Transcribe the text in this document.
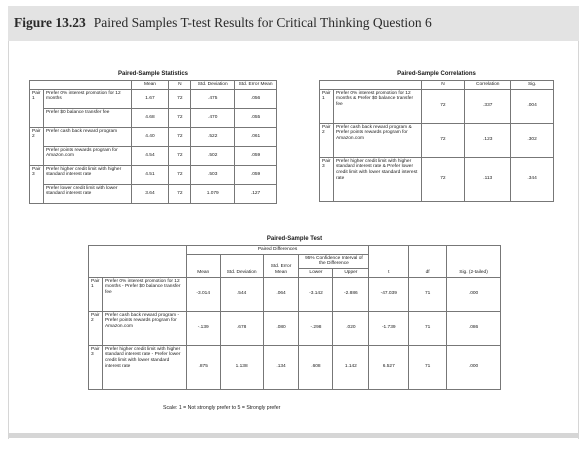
Figure 13.23 Paired Samples T-test Results for Critical Thinking Question 6
Paired-Sample Statistics
		Mean	N	Std. Deviation	Std. Error Mean
Pair 1	Prefer 0% interest promotion for 12 months	1.67	72	.475	.056
	Prefer $0 balance transfer fee	4.68	72	.470	.055
Pair 2	Prefer cash back reward program	4.40	72	.522	.061
	Prefer points rewards program for Amazon.com	4.54	72	.502	.059
Pair 3	Prefer higher credit limit with higher standard interest rate	4.51	72	.503	.059
	Prefer lower credit limit with lower standard interest rate	3.64	72	1.079	.127
Paired-Sample Correlations
		N	Correlation	Sig.
Pair 1	Prefer 0% interest promotion for 12 months & Prefer $0 balance transfer fee	72	.337	.004
Pair 2	Prefer cash back reward program & Prefer points rewards program for Amazon.com	72	.123	.302
Pair 3	Prefer higher credit limit with higher standard interest rate & Prefer lower credit limit with lower standard interest rate	72	.113	.344
Paired-Sample Test
		Paired Differences					t	df	Sig. (2-tailed)
		Mean	Std. Deviation	Std. Error Mean	95% Confidence Interval of the Difference				
					Lower	Upper			
Pair 1	Prefer 0% interest promotion for 12 months - Prefer $0 balance transfer fee	-3.014	.544	.064	-3.142	-2.886	-47.039	71	.000
Pair 2	Prefer cash back reward program - Prefer points rewards program for Amazon.com	-.139	.678	.080	-.298	.020	-1.739	71	.086
Pair 3	Prefer higher credit limit with higher standard interest rate - Prefer lower credit limit with lower standard interest rate	.875	1.138	.134	.608	1.142	6.527	71	.000
Scale: 1 = Not strongly prefer to 5 = Strongly prefer
